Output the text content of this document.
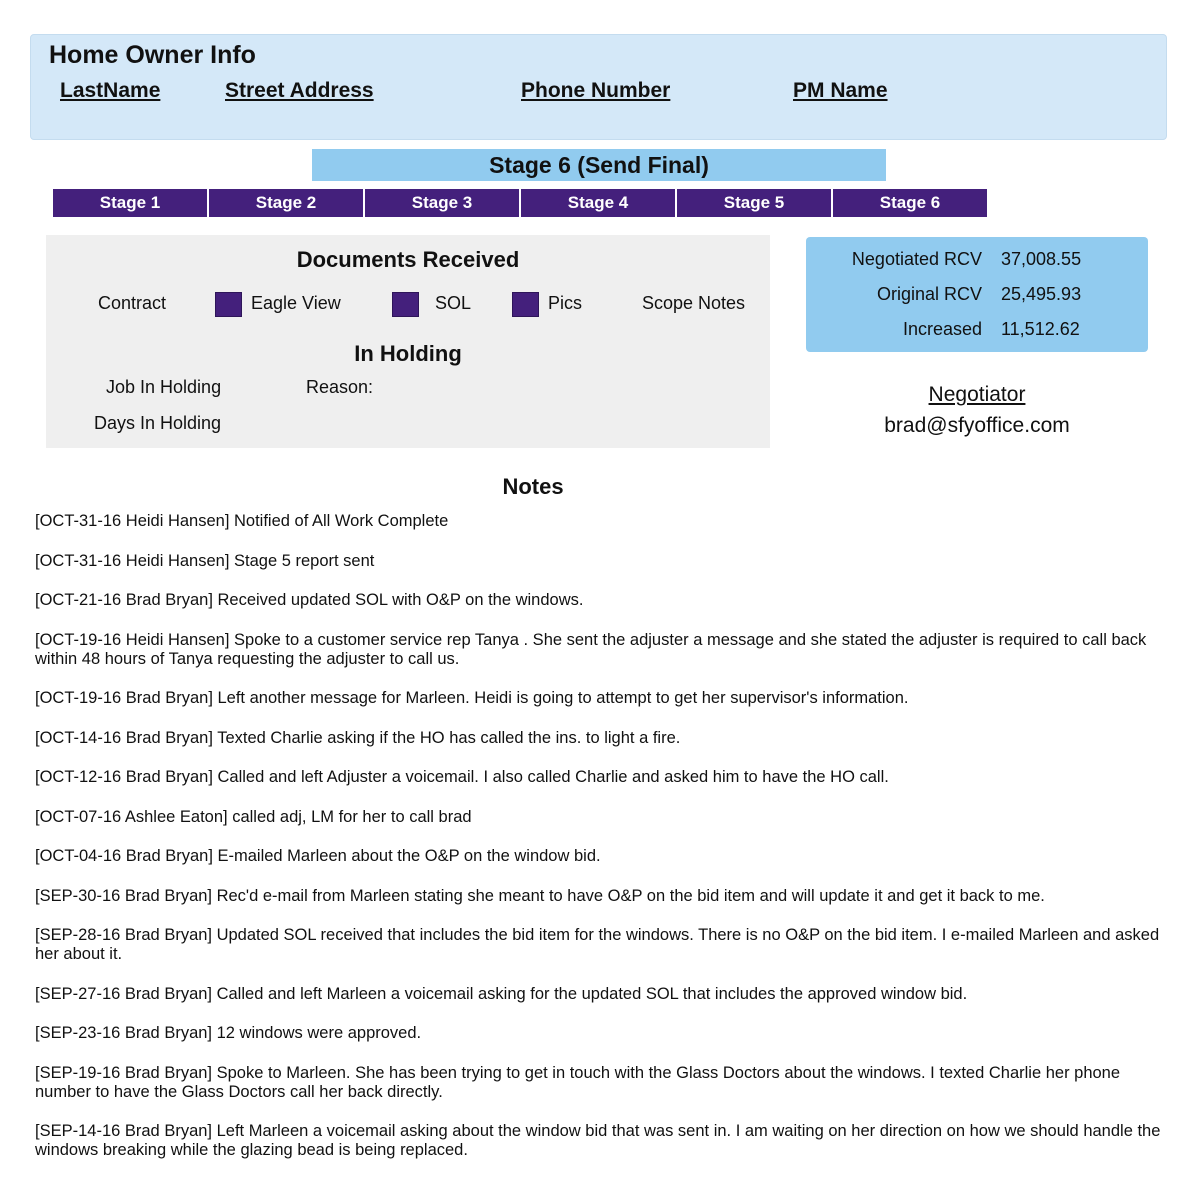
Home Owner Info
LastName	Street Address	Phone Number	PM Name
Stage 6 (Send Final)
Stage 1	Stage 2	Stage 3	Stage 4	Stage 5	Stage 6
Documents Received
Contract	Eagle View	SOL	Pics	Scope Notes
In Holding
Job In Holding	Reason:
Days In Holding
Negotiated RCV 37,008.55
Original RCV 25,495.93
Increased 11,512.62
Negotiator
brad@sfyoffice.com
Notes
[OCT-31-16 Heidi Hansen] Notified of All Work Complete
[OCT-31-16 Heidi Hansen] Stage 5 report sent
[OCT-21-16 Brad Bryan] Received updated SOL with O&P on the windows.
[OCT-19-16 Heidi Hansen] Spoke to a customer service rep Tanya . She sent the adjuster a message and she stated the adjuster is required to call back within 48 hours of Tanya requesting the adjuster to call us.
[OCT-19-16 Brad Bryan] Left another message for Marleen. Heidi is going to attempt to get her supervisor's information.
[OCT-14-16 Brad Bryan] Texted Charlie asking if the HO has called the ins. to light a fire.
[OCT-12-16 Brad Bryan] Called and left Adjuster a voicemail. I also called Charlie and asked him to have the HO call.
[OCT-07-16 Ashlee Eaton] called adj, LM for her to call brad
[OCT-04-16 Brad Bryan] E-mailed Marleen about the O&P on the window bid.
[SEP-30-16 Brad Bryan] Rec'd e-mail from Marleen stating she meant to have O&P on the bid item and will update it and get it back to me.
[SEP-28-16 Brad Bryan] Updated SOL received that includes the bid item for the windows. There is no O&P on the bid item. I e-mailed Marleen and asked her about it.
[SEP-27-16 Brad Bryan] Called and left Marleen a voicemail asking for the updated SOL that includes the approved window bid.
[SEP-23-16 Brad Bryan] 12 windows were approved.
[SEP-19-16 Brad Bryan] Spoke to Marleen. She has been trying to get in touch with the Glass Doctors about the windows. I texted Charlie her phone number to have the Glass Doctors call her back directly.
[SEP-14-16 Brad Bryan] Left Marleen a voicemail asking about the window bid that was sent in. I am waiting on her direction on how we should handle the windows breaking while the glazing bead is being replaced.
